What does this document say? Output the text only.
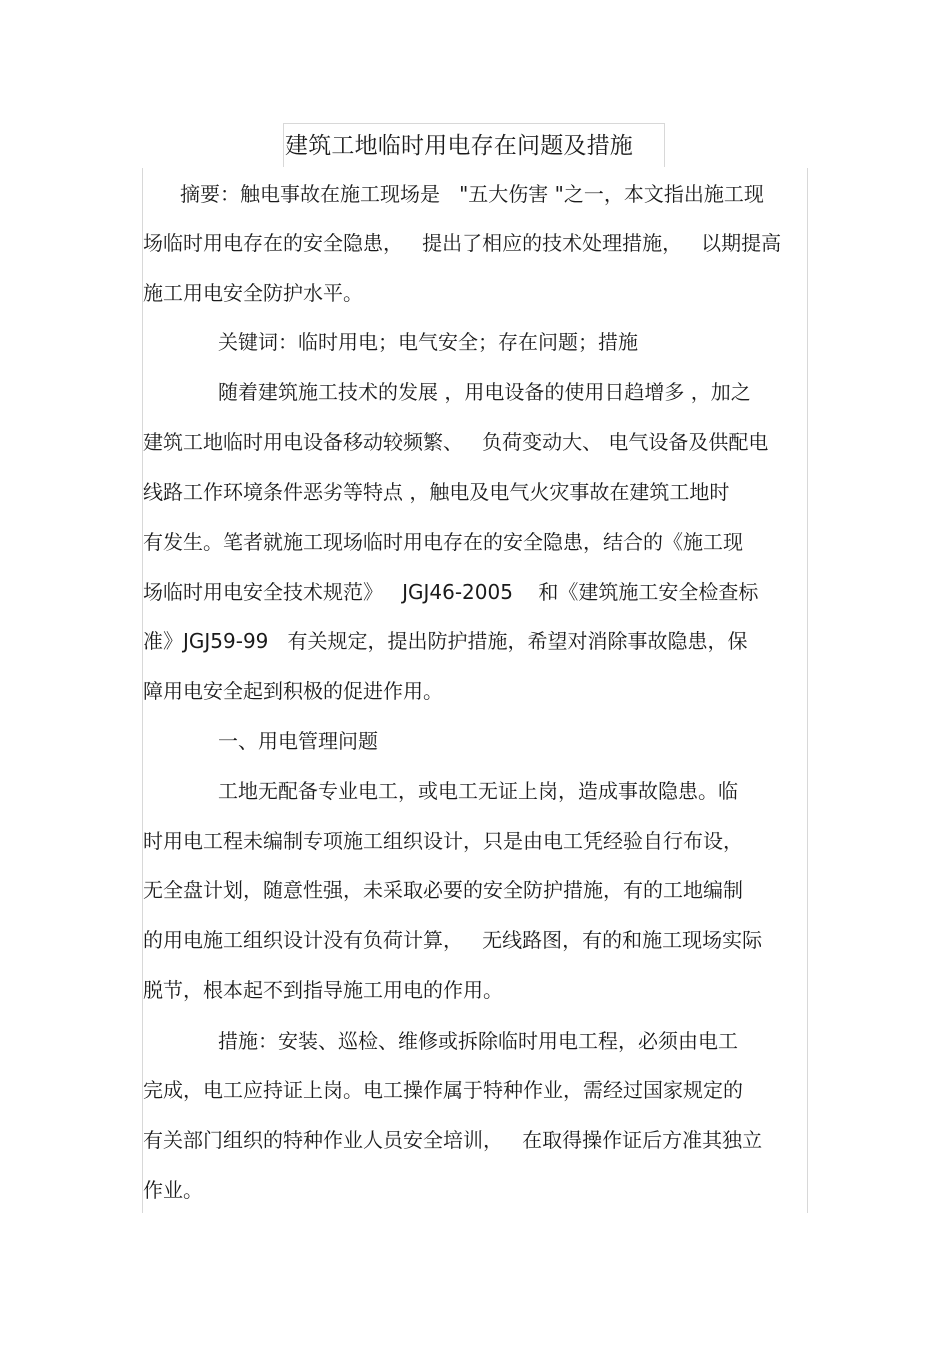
建筑工地临时用电存在问题及措施
摘要：触电事故在施工现场是   "五大伤害 "之一，本文指出施工现
场临时用电存在的安全隐患，   提出了相应的技术处理措施，   以期提高
施工用电安全防护水平。
关键词：临时用电；电气安全；存在问题；措施
随着建筑施工技术的发展 ，用电设备的使用日趋增多 ，加之
建筑工地临时用电设备移动较频繁、   负荷变动大、 电气设备及供配电
线路工作环境条件恶劣等特点 ，触电及电气火灾事故在建筑工地时
有发生。笔者就施工现场临时用电存在的安全隐患，结合的《施工现
场临时用电安全技术规范》   JGJ46-2005    和《建筑施工安全检查标
准》JGJ59-99   有关规定，提出防护措施，希望对消除事故隐患，保
障用电安全起到积极的促进作用。
一、用电管理问题
工地无配备专业电工，或电工无证上岗，造成事故隐患。临
时用电工程未编制专项施工组织设计，只是由电工凭经验自行布设，
无全盘计划，随意性强，未采取必要的安全防护措施，有的工地编制
的用电施工组织设计没有负荷计算，   无线路图，有的和施工现场实际
脱节，根本起不到指导施工用电的作用。
措施：安装、巡检、维修或拆除临时用电工程，必须由电工
完成，电工应持证上岗。电工操作属于特种作业，需经过国家规定的
有关部门组织的特种作业人员安全培训，   在取得操作证后方准其独立
作业。
